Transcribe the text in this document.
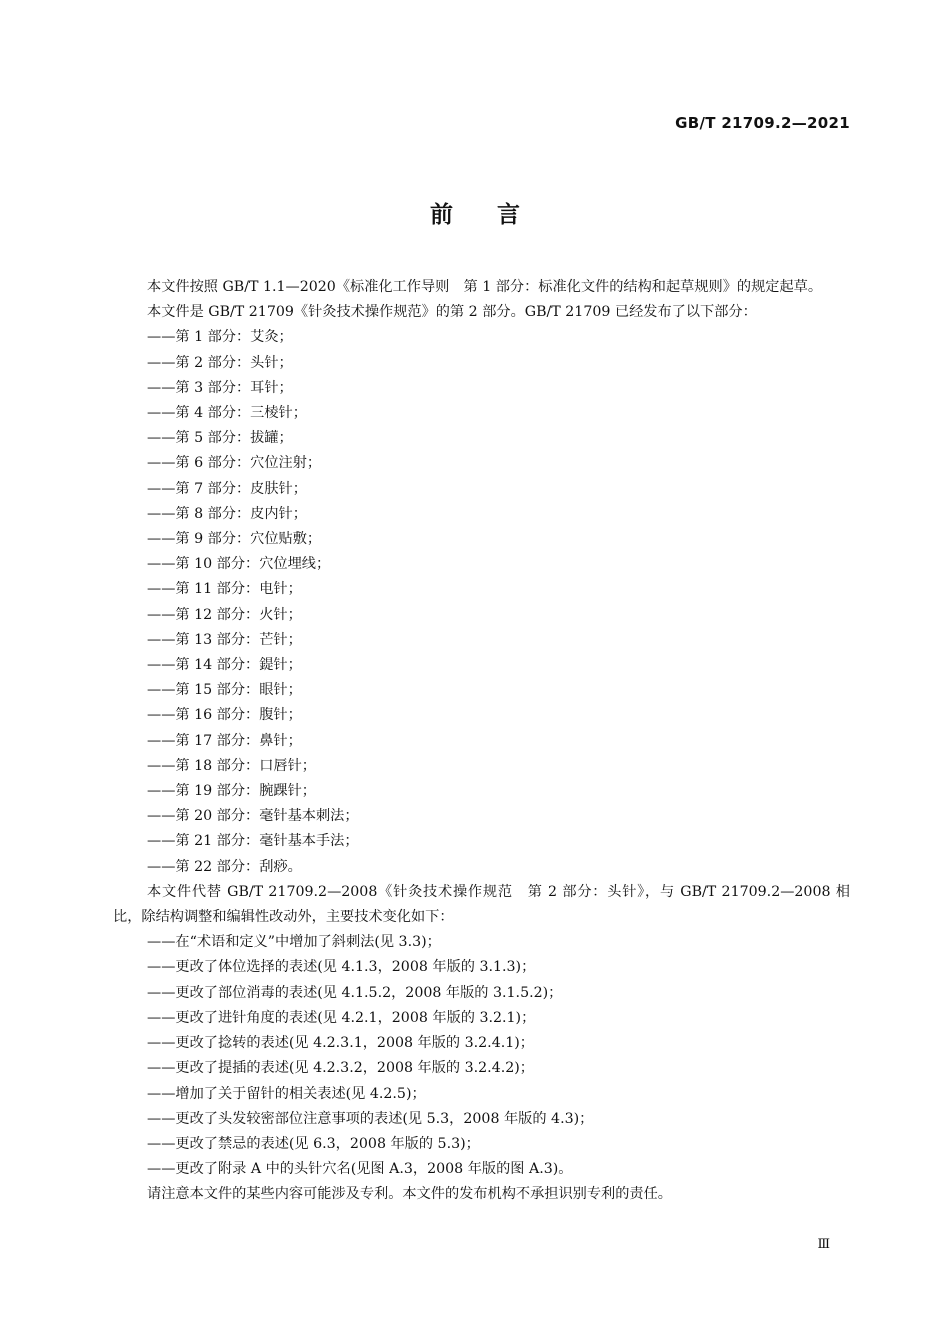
GB/T 21709.2—2021
前言

本文件按照 GB/T 1.1—2020《标准化工作导则　第 1 部分：标准化文件的结构和起草规则》的规定起草。

本文件是 GB/T 21709《针灸技术操作规范》的第 2 部分。GB/T 21709 已经发布了以下部分：

——第 1 部分：艾灸；

——第 2 部分：头针；

——第 3 部分：耳针；

——第 4 部分：三棱针；

——第 5 部分：拔罐；

——第 6 部分：穴位注射；

——第 7 部分：皮肤针；

——第 8 部分：皮内针；

——第 9 部分：穴位贴敷；

——第 10 部分：穴位埋线；

——第 11 部分：电针；

——第 12 部分：火针；

——第 13 部分：芒针；

——第 14 部分：鍉针；

——第 15 部分：眼针；

——第 16 部分：腹针；

——第 17 部分：鼻针；

——第 18 部分：口唇针；

——第 19 部分：腕踝针；

——第 20 部分：毫针基本刺法；

——第 21 部分：毫针基本手法；

——第 22 部分：刮痧。

本文件代替 GB/T 21709.2—2008《针灸技术操作规范　第 2 部分：头针》，与 GB/T 21709.2—2008 相比，除结构调整和编辑性改动外，主要技术变化如下：

——在“术语和定义”中增加了斜刺法(见 3.3)；

——更改了体位选择的表述(见 4.1.3，2008 年版的 3.1.3)；

——更改了部位消毒的表述(见 4.1.5.2，2008 年版的 3.1.5.2)；

——更改了进针角度的表述(见 4.2.1，2008 年版的 3.2.1)；

——更改了捻转的表述(见 4.2.3.1，2008 年版的 3.2.4.1)；

——更改了提插的表述(见 4.2.3.2，2008 年版的 3.2.4.2)；

——增加了关于留针的相关表述(见 4.2.5)；

——更改了头发较密部位注意事项的表述(见 5.3，2008 年版的 4.3)；

——更改了禁忌的表述(见 6.3，2008 年版的 5.3)；

——更改了附录 A 中的头针穴名(见图 A.3，2008 年版的图 A.3)。

请注意本文件的某些内容可能涉及专利。本文件的发布机构不承担识别专利的责任。

Ⅲ
